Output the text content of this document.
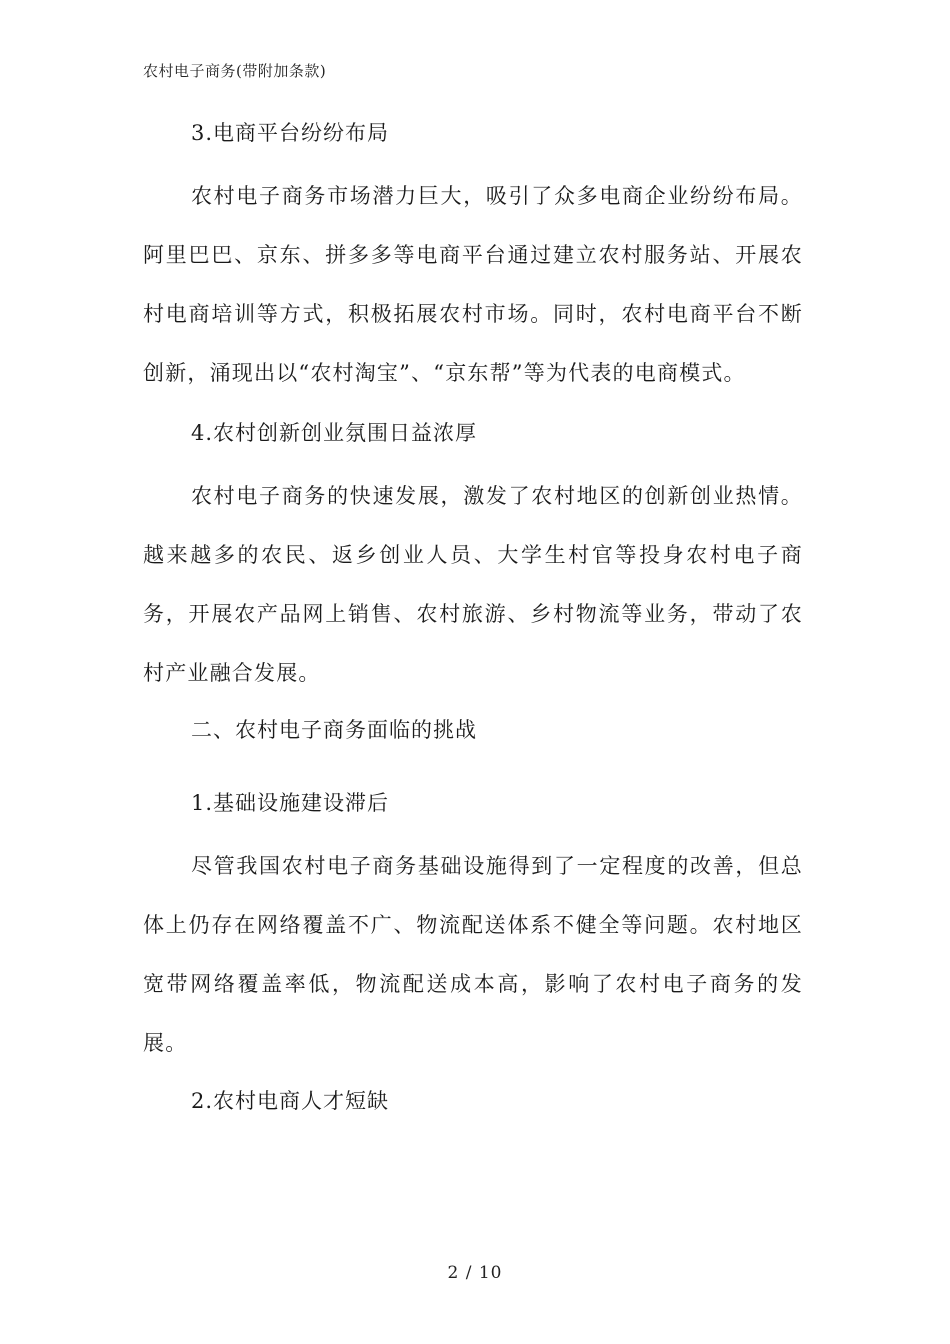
农村电子商务(带附加条款)
3.电商平台纷纷布局

农村电子商务市场潜力巨大，吸引了众多电商企业纷纷布局。阿里巴巴、京东、拼多多等电商平台通过建立农村服务站、开展农村电商培训等方式，积极拓展农村市场。同时，农村电商平台不断创新，涌现出以“农村淘宝”、“京东帮”等为代表的电商模式。

4.农村创新创业氛围日益浓厚

农村电子商务的快速发展，激发了农村地区的创新创业热情。越来越多的农民、返乡创业人员、大学生村官等投身农村电子商务，开展农产品网上销售、农村旅游、乡村物流等业务，带动了农村产业融合发展。

二、农村电子商务面临的挑战
1.基础设施建设滞后

尽管我国农村电子商务基础设施得到了一定程度的改善，但总体上仍存在网络覆盖不广、物流配送体系不健全等问题。农村地区宽带网络覆盖率低，物流配送成本高，影响了农村电子商务的发展。

2.农村电商人才短缺
2 / 10
